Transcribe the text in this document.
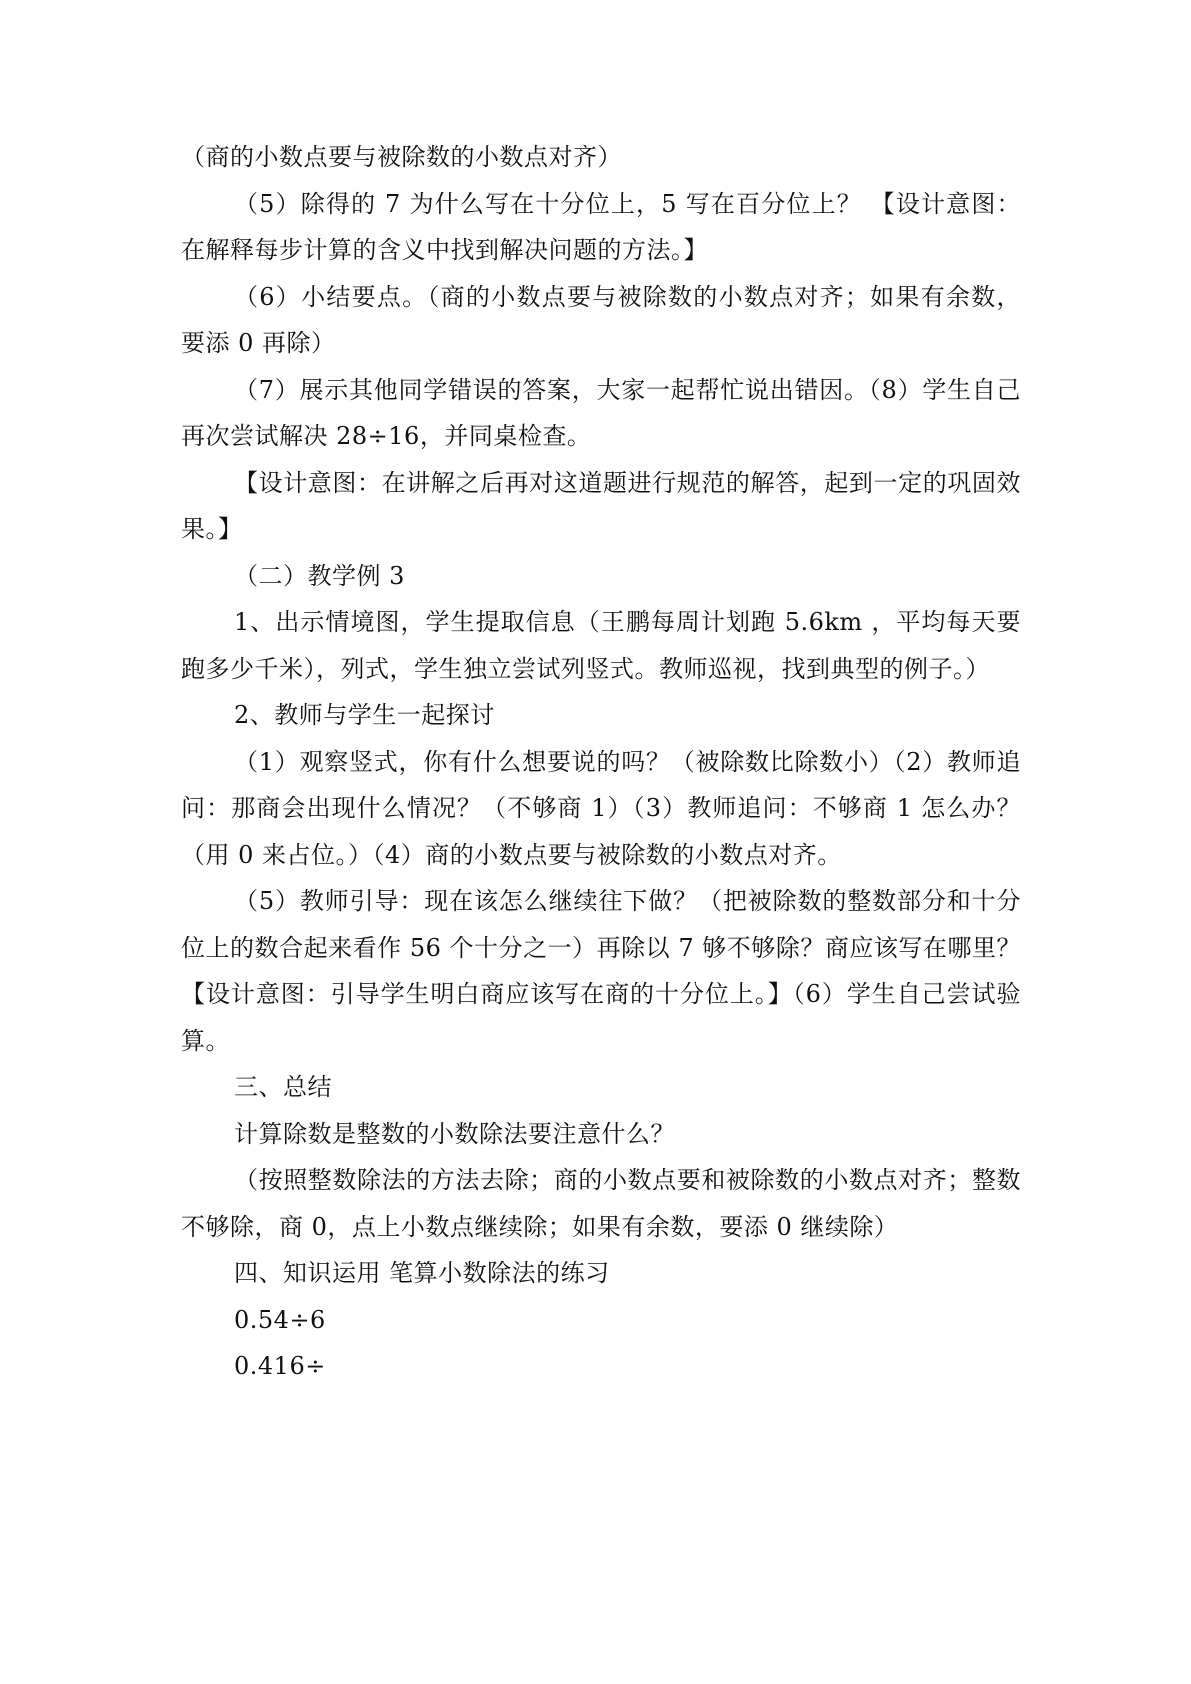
（商的小数点要与被除数的小数点对齐）

（5）除得的 7 为什么写在十分位上，5 写在百分位上？ 【设计意图：在解释每步计算的含义中找到解决问题的方法。】

（6）小结要点。（商的小数点要与被除数的小数点对齐；如果有余数，要添 0 再除）

（7）展示其他同学错误的答案，大家一起帮忙说出错因。（8）学生自己再次尝试解决 28÷16，并同桌检查。

【设计意图：在讲解之后再对这道题进行规范的解答，起到一定的巩固效果。】

（二）教学例 3

1、出示情境图，学生提取信息（王鹏每周计划跑 5.6km ，平均每天要跑多少千米），列式，学生独立尝试列竖式。教师巡视，找到典型的例子。）

2、教师与学生一起探讨

（1）观察竖式，你有什么想要说的吗？（被除数比除数小）（2）教师追问：那商会出现什么情况？（不够商 1）（3）教师追问：不够商 1 怎么办？（用 0 来占位。）（4）商的小数点要与被除数的小数点对齐。

（5）教师引导：现在该怎么继续往下做？（把被除数的整数部分和十分位上的数合起来看作 56 个十分之一）再除以 7 够不够除？商应该写在哪里？ 【设计意图：引导学生明白商应该写在商的十分位上。】（6）学生自己尝试验算。

三、总结

计算除数是整数的小数除法要注意什么？

（按照整数除法的方法去除；商的小数点要和被除数的小数点对齐；整数不够除，商 0，点上小数点继续除；如果有余数，要添 0 继续除）

四、知识运用 笔算小数除法的练习

0.54÷6

0.416÷
